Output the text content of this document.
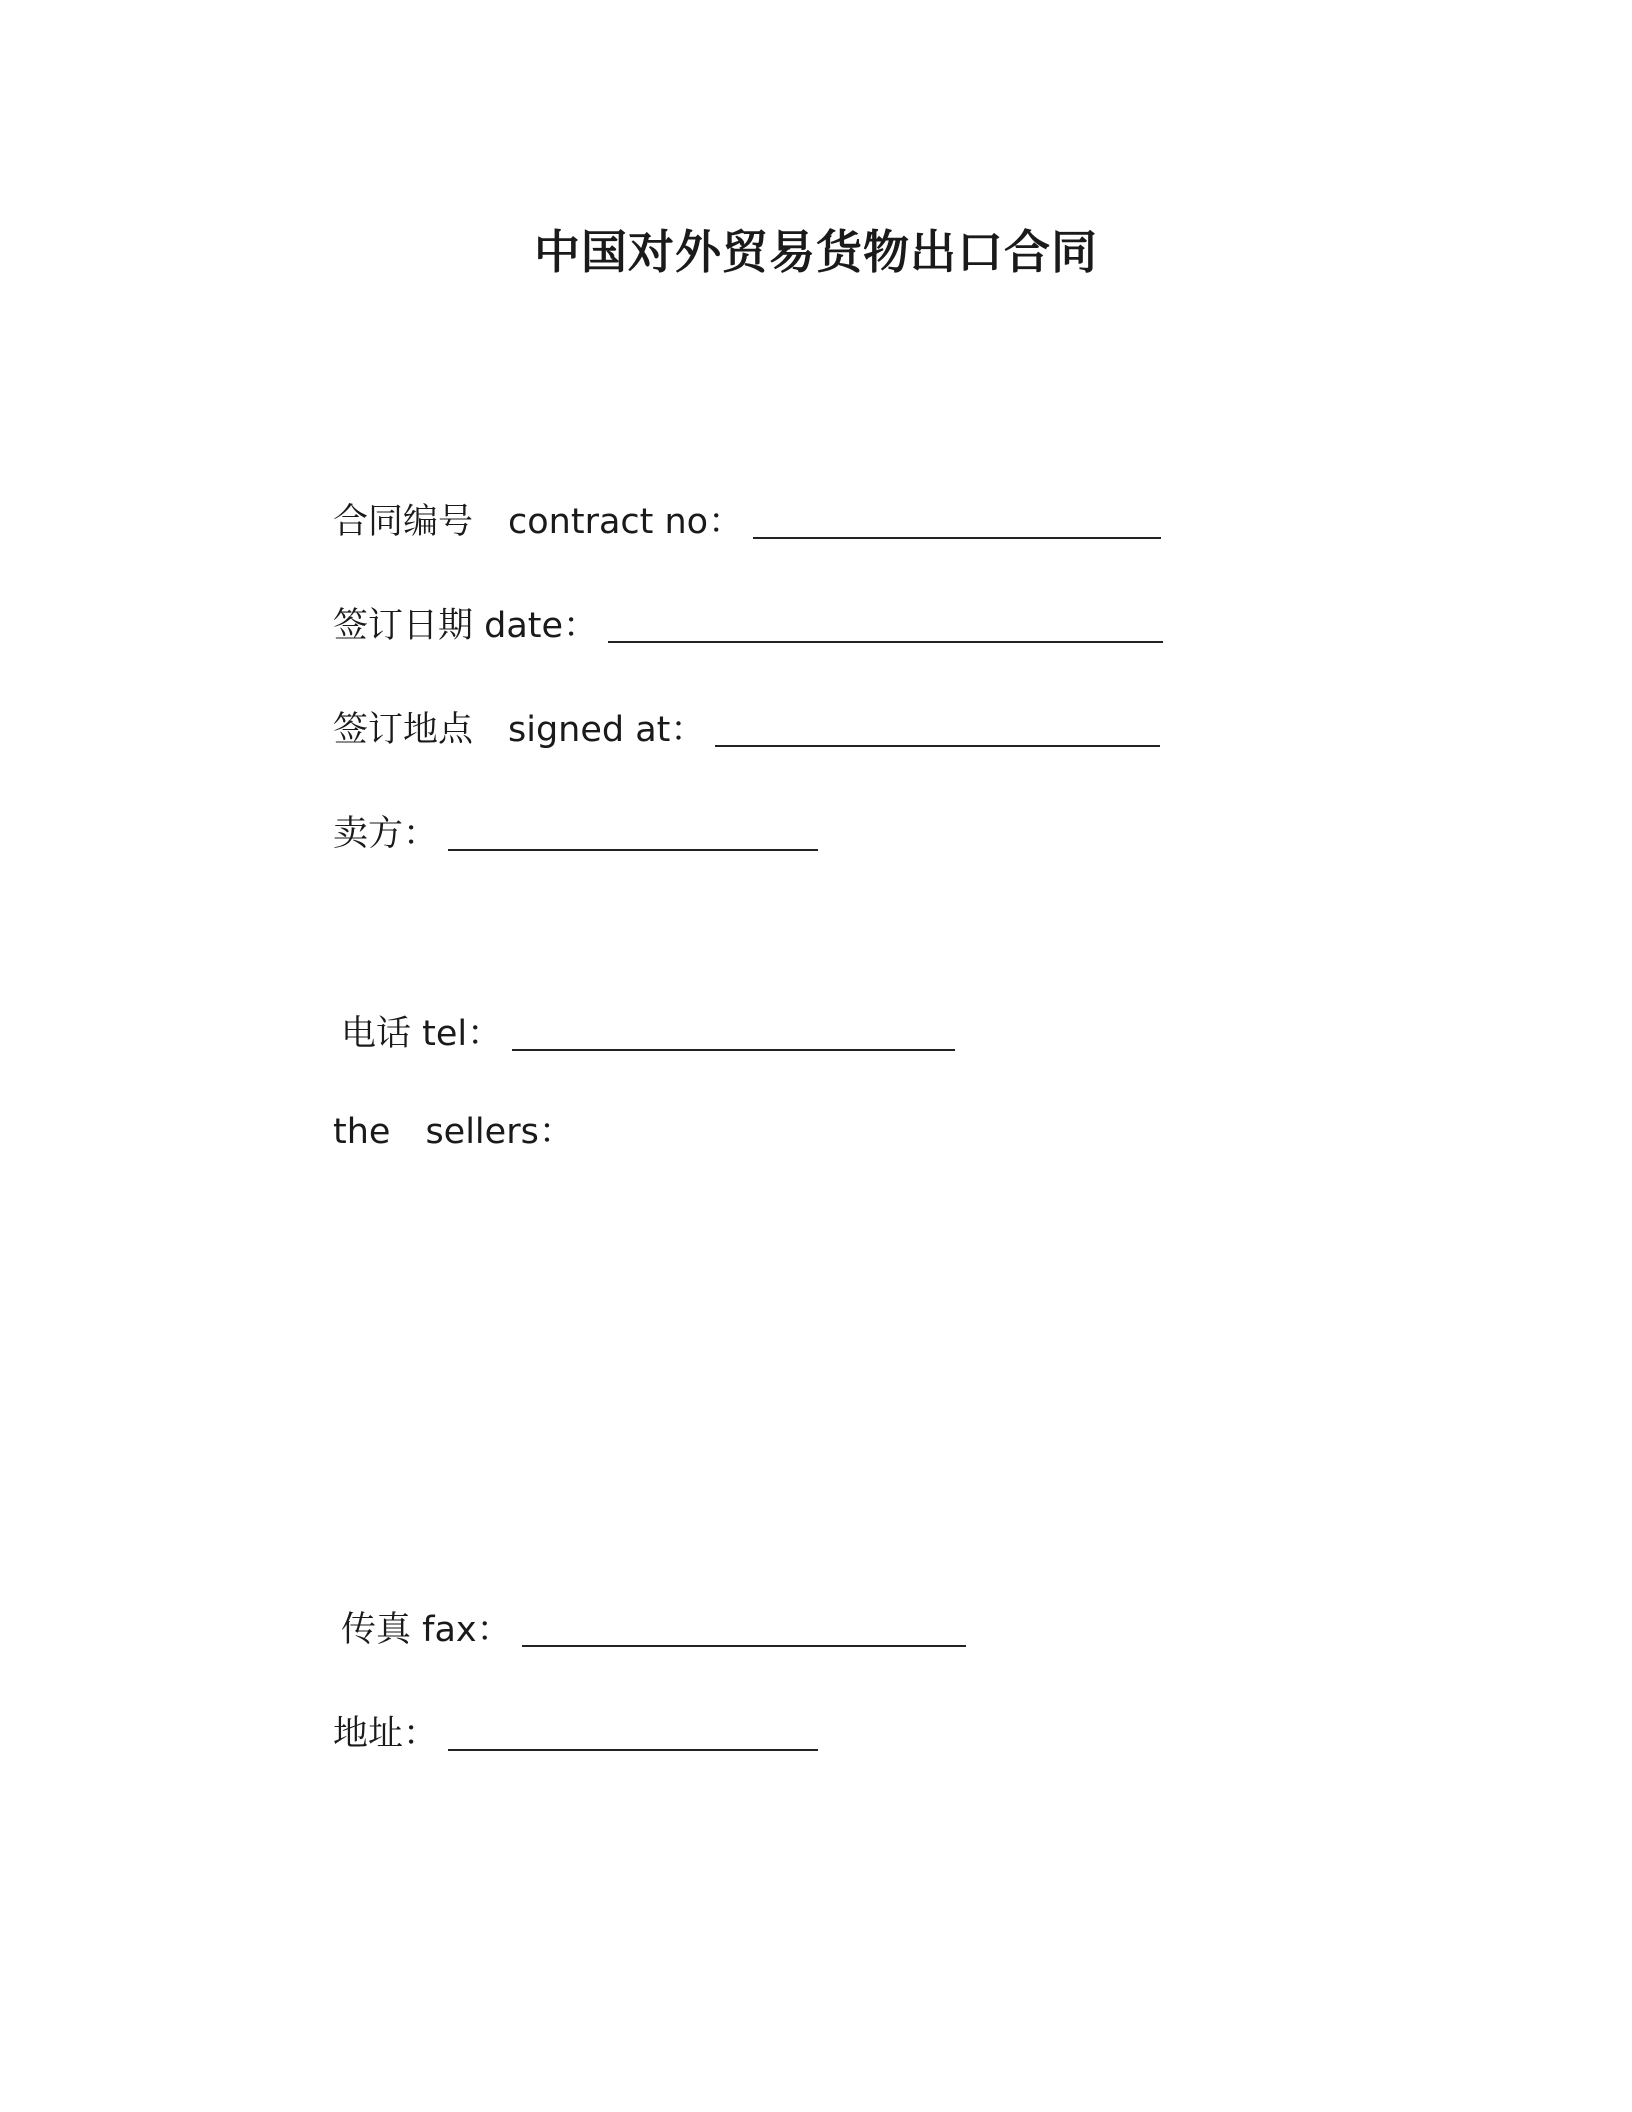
中国对外贸易货物出口合同
合同编号　contract no：
签订日期 date：
签订地点　signed at：
卖方：
电话 tel：
the　sellers：
传真 fax：
地址：
